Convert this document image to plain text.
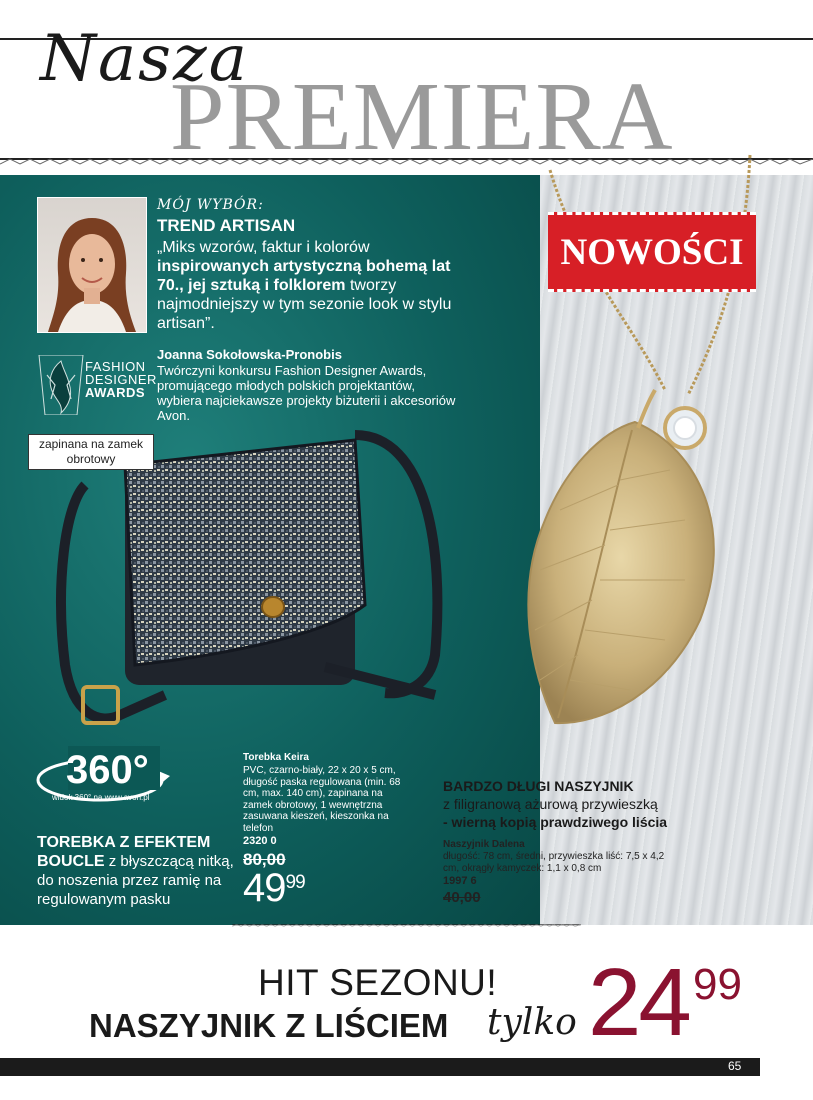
PREMIERA
Nasza
NOWOŚCI
MÓJ WYBÓR:
TREND ARTISAN
„Miks wzorów, faktur i kolorów inspirowanych artystyczną bohemą lat 70., jej sztuką i folklorem tworzy najmodniejszy w tym sezonie look w stylu artisan”.
FASHION
DESIGNER
AWARDS
Joanna Sokołowska-Pronobis
Twórczyni konkursu Fashion Designer Awards, promującego młodych polskich projektantów, wybiera najciekawsze projekty biżuterii i akcesoriów Avon.
zapinana na zamek obrotowy
360°
widok 360° na www.avon.pl
TOREBKA Z EFEKTEM BOUCLE z błyszczącą nitką, do noszenia przez ramię na regulowanym pasku
Torebka Keira
PVC, czarno-biały, 22 x 20 x 5 cm, długość paska regulowana (min. 68 cm, max. 140 cm), zapinana na zamek obrotowy, 1 wewnętrzna zasuwana kieszeń, kieszonka na telefon
2320 0
80,00
$49^{99}$
BARDZO DŁUGI NASZYJNIK
z filigranową ażurową przywieszką
- wierną kopią prawdziwego liścia
Naszyjnik Dalena
długość: 78 cm, średni, przywieszka liść: 7,5 x 4,2 cm, okrągły kamyczek: 1,1 x 0,8 cm
1997 6
40,00
HIT SEZONU!
NASZYJNIK Z LIŚCIEM tylko 24 99
65
